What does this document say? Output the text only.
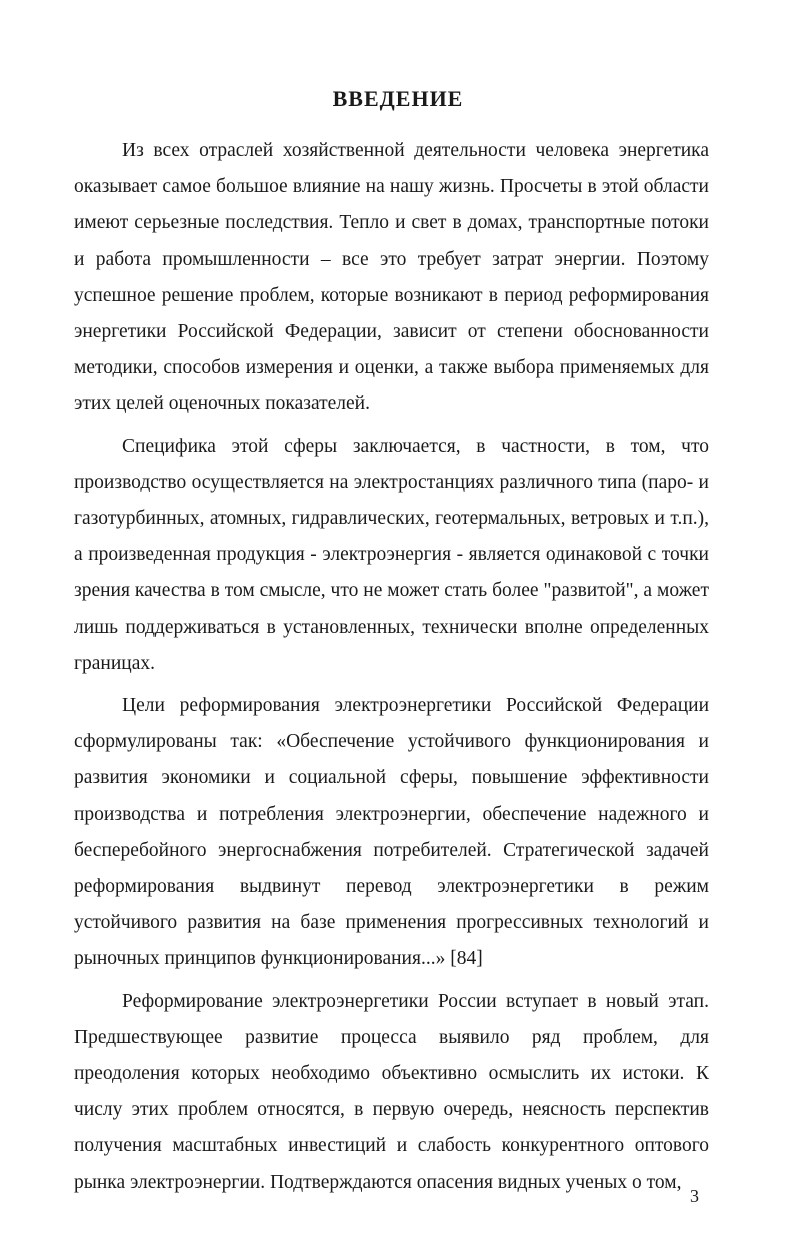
ВВЕДЕНИЕ

Из всех отраслей хозяйственной деятельности человека энергетика оказывает самое большое влияние на нашу жизнь. Просчеты в этой области имеют серьезные последствия. Тепло и свет в домах, транспортные потоки и работа промышленности – все это требует затрат энергии. Поэтому успешное решение проблем, которые возникают в период реформирования энергетики Российской Федерации, зависит от степени обоснованности методики, способов измерения и оценки, а также выбора применяемых для этих целей оценочных показателей.

Специфика этой сферы заключается, в частности, в том, что производство осуществляется на электростанциях различного типа (паро- и газотурбинных, атомных, гидравлических, геотермальных, ветровых и т.п.), а произведенная продукция - электроэнергия - является одинаковой с точки зрения качества в том смысле, что не может стать более "развитой", а может лишь поддерживаться в установленных, технически вполне определенных границах.

Цели реформирования электроэнергетики Российской Федерации сформулированы так: «Обеспечение устойчивого функционирования и развития экономики и социальной сферы, повышение эффективности производства и потребления электроэнергии, обеспечение надежного и бесперебойного энергоснабжения потребителей. Стратегической задачей реформирования выдвинут перевод электроэнергетики в режим устойчивого развития на базе применения прогрессивных технологий и рыночных принципов функционирования...» [84]

Реформирование электроэнергетики России вступает в новый этап. Предшествующее развитие процесса выявило ряд проблем, для преодоления которых необходимо объективно осмыслить их истоки. К числу этих проблем относятся, в первую очередь, неясность перспектив получения масштабных инвестиций и слабость конкурентного оптового рынка электроэнергии. Подтверждаются опасения видных ученых о том,

3
